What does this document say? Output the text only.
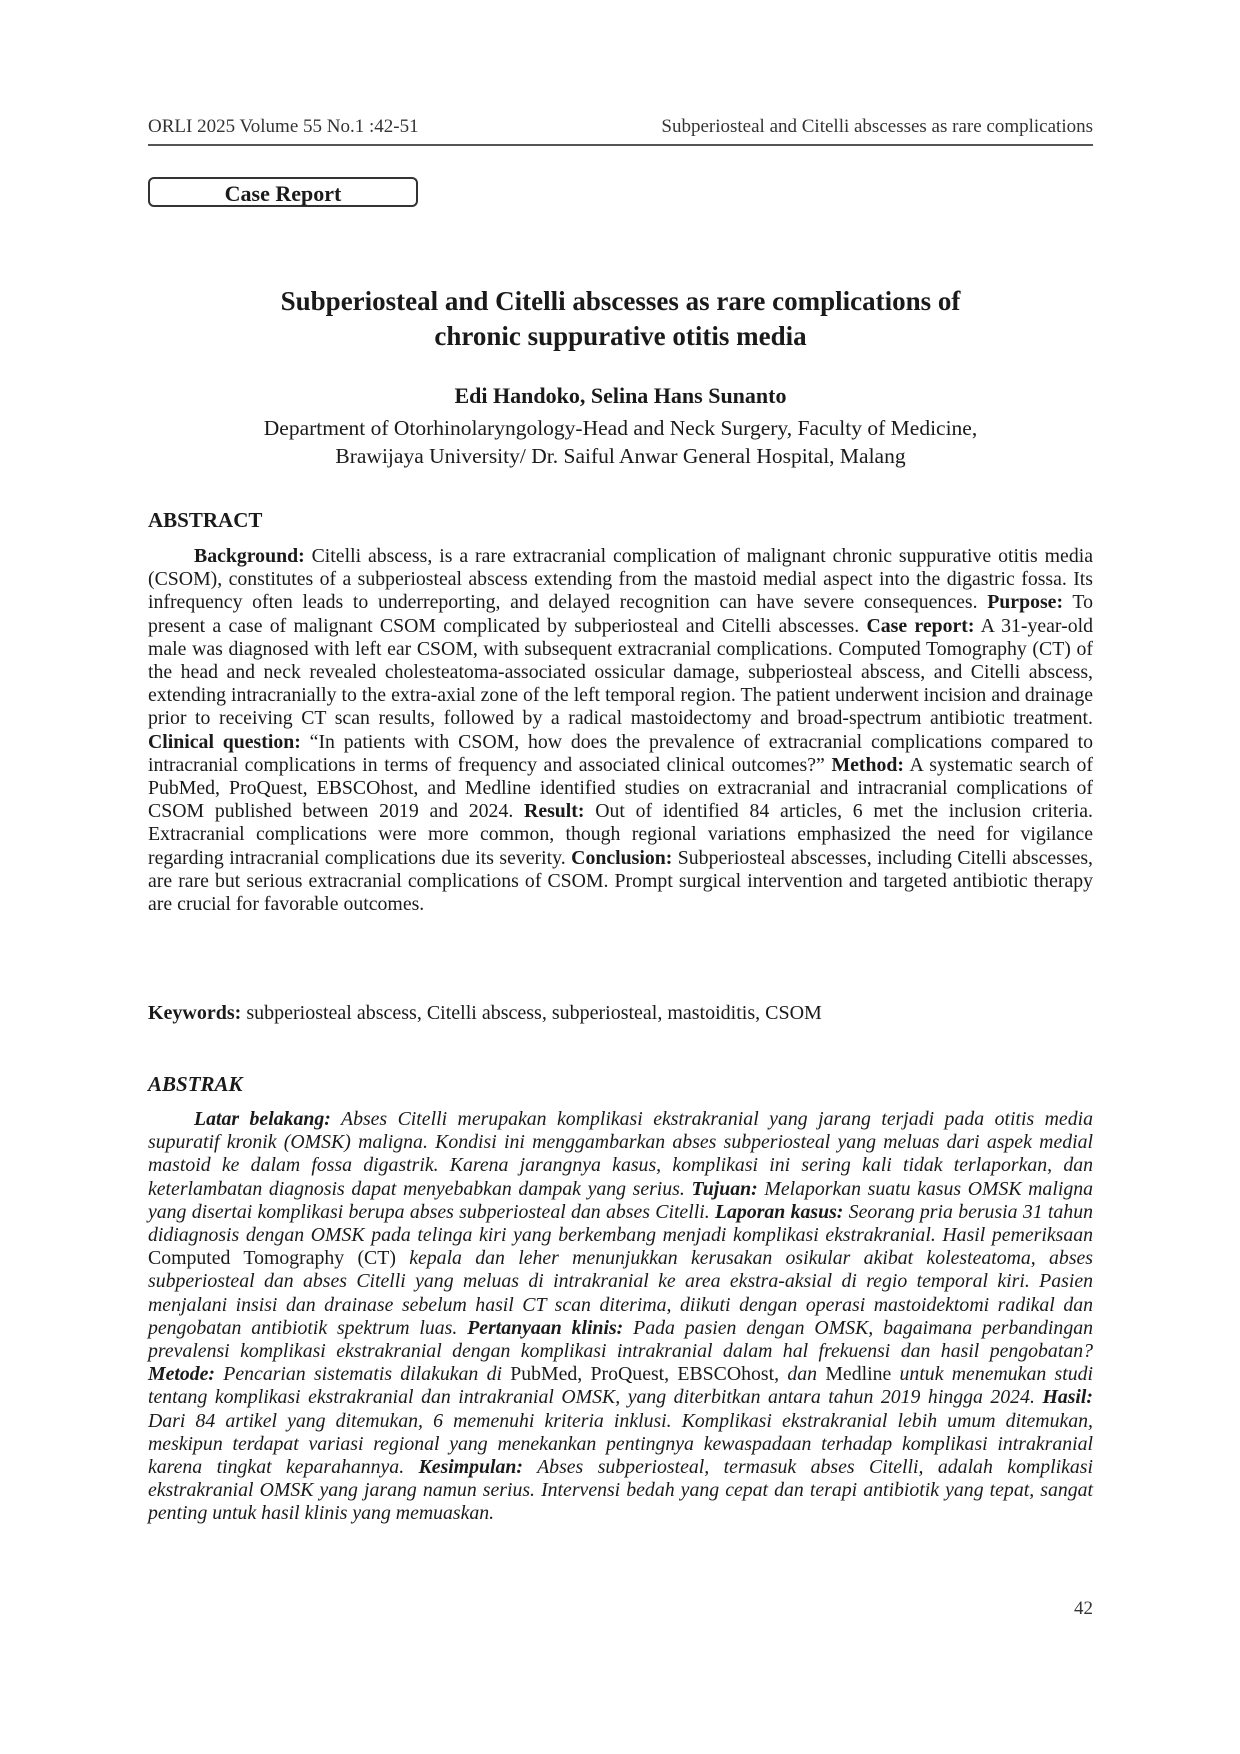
ORLI 2025 Volume 55 No.1 :42-51	Subperiosteal and Citelli abscesses as rare complications

Case Report
Subperiosteal and Citelli abscesses as rare complications of
chronic suppurative otitis media
Edi Handoko, Selina Hans Sunanto
Department of Otorhinolaryngology-Head and Neck Surgery, Faculty of Medicine,
Brawijaya University/ Dr. Saiful Anwar General Hospital, Malang
ABSTRACT
Background: Citelli abscess, is a rare extracranial complication of malignant chronic suppurative otitis media (CSOM), constitutes of a subperiosteal abscess extending from the mastoid medial aspect into the digastric fossa. Its infrequency often leads to underreporting, and delayed recognition can have severe consequences. Purpose: To present a case of malignant CSOM complicated by subperiosteal and Citelli abscesses. Case report: A 31-year-old male was diagnosed with left ear CSOM, with subsequent extracranial complications. Computed Tomography (CT) of the head and neck revealed cholesteatoma-associated ossicular damage, subperiosteal abscess, and Citelli abscess, extending intracranially to the extra-axial zone of the left temporal region. The patient underwent incision and drainage prior to receiving CT scan results, followed by a radical mastoidectomy and broad-spectrum antibiotic treatment. Clinical question: “In patients with CSOM, how does the prevalence of extracranial complications compared to intracranial complications in terms of frequency and associated clinical outcomes?” Method: A systematic search of PubMed, ProQuest, EBSCOhost, and Medline identified studies on extracranial and intracranial complications of CSOM published between 2019 and 2024. Result: Out of identified 84 articles, 6 met the inclusion criteria. Extracranial complications were more common, though regional variations emphasized the need for vigilance regarding intracranial complications due its severity. Conclusion: Subperiosteal abscesses, including Citelli abscesses, are rare but serious extracranial complications of CSOM. Prompt surgical intervention and targeted antibiotic therapy are crucial for favorable outcomes.
Keywords: subperiosteal abscess, Citelli abscess, subperiosteal, mastoiditis, CSOM
ABSTRAK
Latar belakang: Abses Citelli merupakan komplikasi ekstrakranial yang jarang terjadi pada otitis media supuratif kronik (OMSK) maligna. Kondisi ini menggambarkan abses subperiosteal yang meluas dari aspek medial mastoid ke dalam fossa digastrik. Karena jarangnya kasus, komplikasi ini sering kali tidak terlaporkan, dan keterlambatan diagnosis dapat menyebabkan dampak yang serius. Tujuan: Melaporkan suatu kasus OMSK maligna yang disertai komplikasi berupa abses subperiosteal dan abses Citelli. Laporan kasus: Seorang pria berusia 31 tahun didiagnosis dengan OMSK pada telinga kiri yang berkembang menjadi komplikasi ekstrakranial. Hasil pemeriksaan Computed Tomography (CT) kepala dan leher menunjukkan kerusakan osikular akibat kolesteatoma, abses subperiosteal dan abses Citelli yang meluas di intrakranial ke area ekstra-aksial di regio temporal kiri. Pasien menjalani insisi dan drainase sebelum hasil CT scan diterima, diikuti dengan operasi mastoidektomi radikal dan pengobatan antibiotik spektrum luas. Pertanyaan klinis: Pada pasien dengan OMSK, bagaimana perbandingan prevalensi komplikasi ekstrakranial dengan komplikasi intrakranial dalam hal frekuensi dan hasil pengobatan? Metode: Pencarian sistematis dilakukan di PubMed, ProQuest, EBSCOhost, dan Medline untuk menemukan studi tentang komplikasi ekstrakranial dan intrakranial OMSK, yang diterbitkan antara tahun 2019 hingga 2024. Hasil: Dari 84 artikel yang ditemukan, 6 memenuhi kriteria inklusi. Komplikasi ekstrakranial lebih umum ditemukan, meskipun terdapat variasi regional yang menekankan pentingnya kewaspadaan terhadap komplikasi intrakranial karena tingkat keparahannya. Kesimpulan: Abses subperiosteal, termasuk abses Citelli, adalah komplikasi ekstrakranial OMSK yang jarang namun serius. Intervensi bedah yang cepat dan terapi antibiotik yang tepat, sangat penting untuk hasil klinis yang memuaskan.
42
